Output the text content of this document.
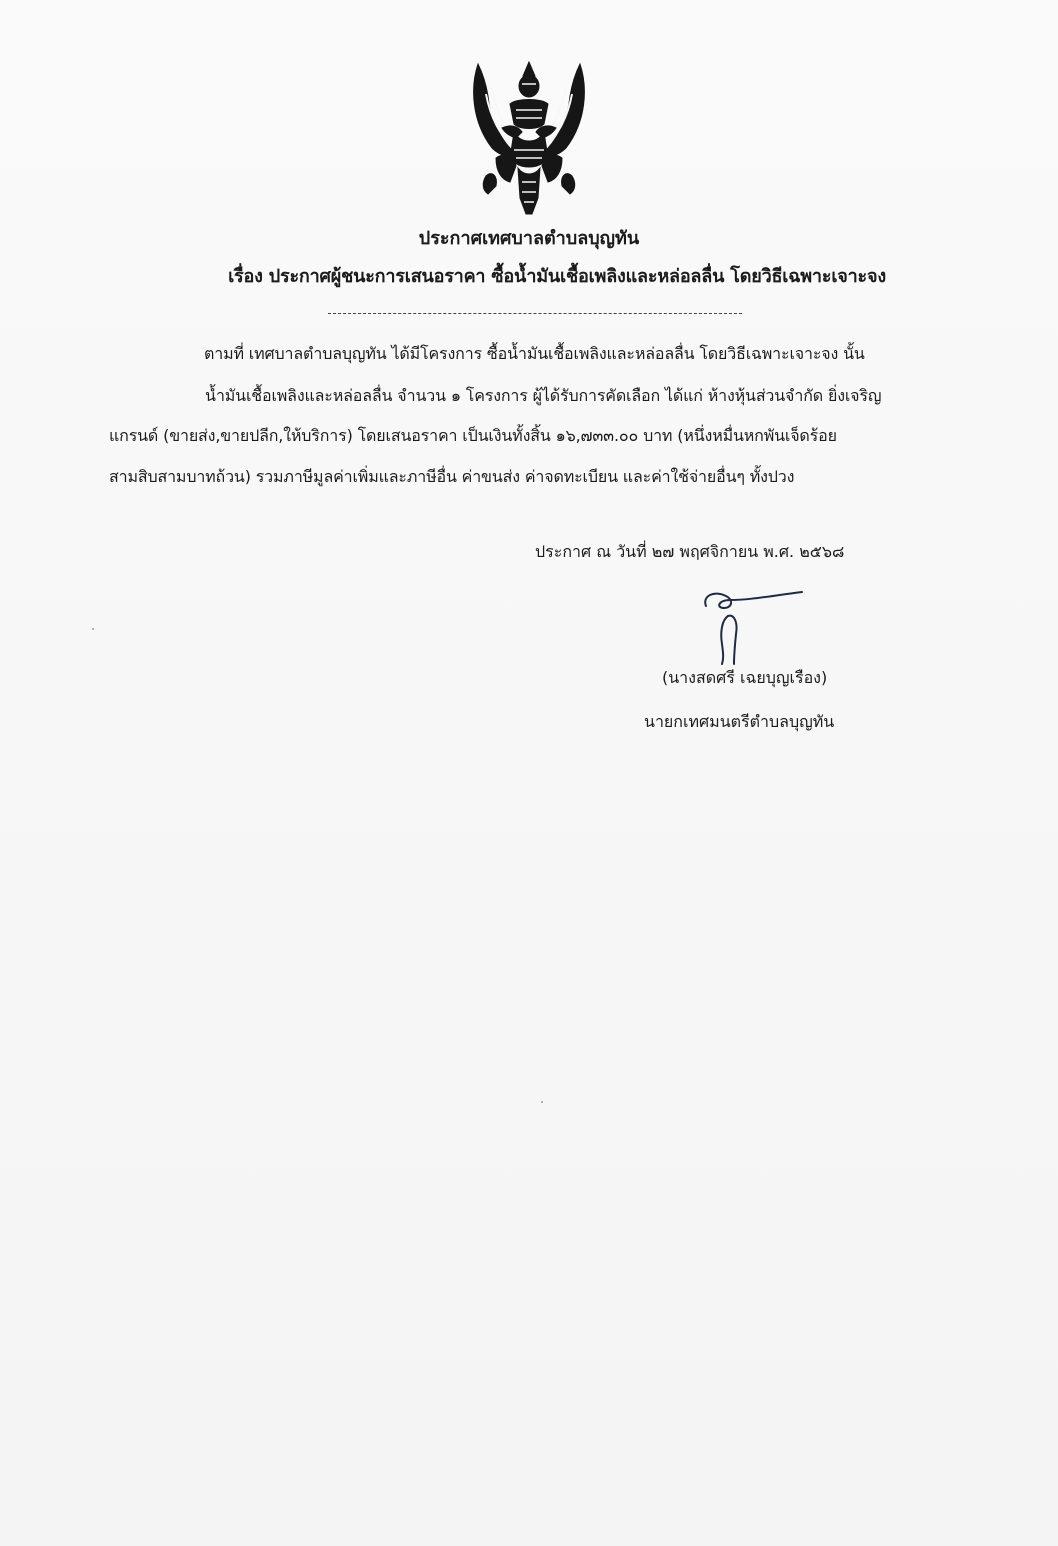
ประกาศเทศบาลตำบลบุญทัน
เรื่อง ประกาศผู้ชนะการเสนอราคา ซื้อน้ำมันเชื้อเพลิงและหล่อลลื่น โดยวิธีเฉพาะเจาะจง
ตามที่ เทศบาลตำบลบุญทัน ได้มีโครงการ ซื้อน้ำมันเชื้อเพลิงและหล่อลลื่น โดยวิธีเฉพาะเจาะจง นั้น
น้ำมันเชื้อเพลิงและหล่อลลื่น จำนวน ๑ โครงการ ผู้ได้รับการคัดเลือก ได้แก่ ห้างหุ้นส่วนจำกัด ยิ่งเจริญ
แกรนด์ (ขายส่ง,ขายปลีก,ให้บริการ) โดยเสนอราคา เป็นเงินทั้งสิ้น ๑๖,๗๓๓.๐๐ บาท (หนึ่งหมื่นหกพันเจ็ดร้อย
สามสิบสามบาทถ้วน) รวมภาษีมูลค่าเพิ่มและภาษีอื่น ค่าขนส่ง ค่าจดทะเบียน และค่าใช้จ่ายอื่นๆ ทั้งปวง
ประกาศ ณ วันที่ ๒๗ พฤศจิกายน พ.ศ. ๒๕๖๘
(นางสดศรี เฉยบุญเรือง)
นายกเทศมนตรีตำบลบุญทัน
